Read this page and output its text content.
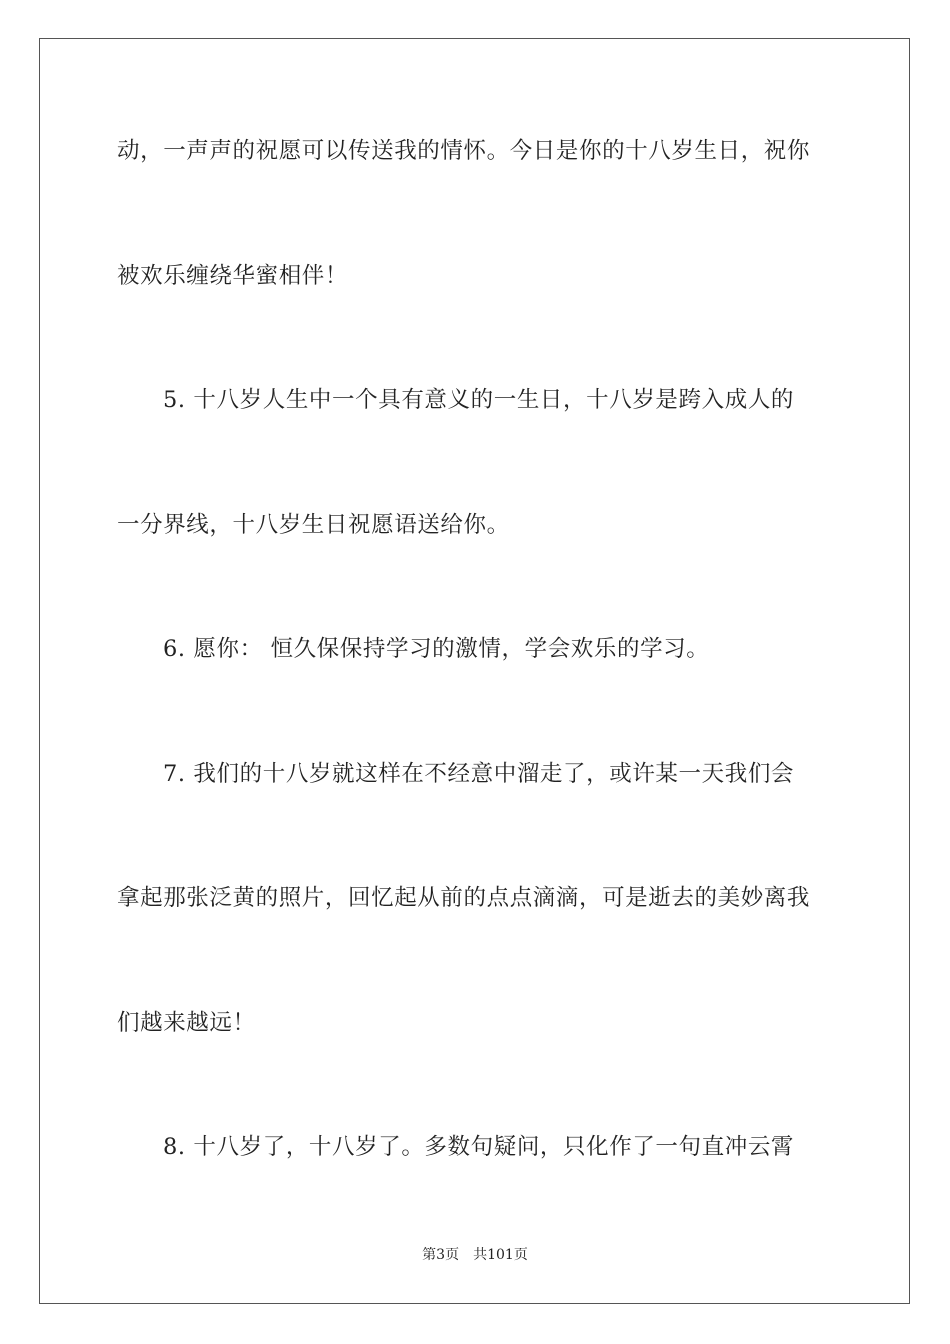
动，一声声的祝愿可以传送我的情怀。今日是你的十八岁生日，祝你
被欢乐缠绕华蜜相伴！
5. 十八岁人生中一个具有意义的一生日，十八岁是跨入成人的
一分界线，十八岁生日祝愿语送给你。
6. 愿你： 恒久保保持学习的激情，学会欢乐的学习。
7. 我们的十八岁就这样在不经意中溜走了，或许某一天我们会
拿起那张泛黄的照片，回忆起从前的点点滴滴，可是逝去的美妙离我
们越来越远！
8. 十八岁了，十八岁了。多数句疑问，只化作了一句直冲云霄
第3页 共101页
